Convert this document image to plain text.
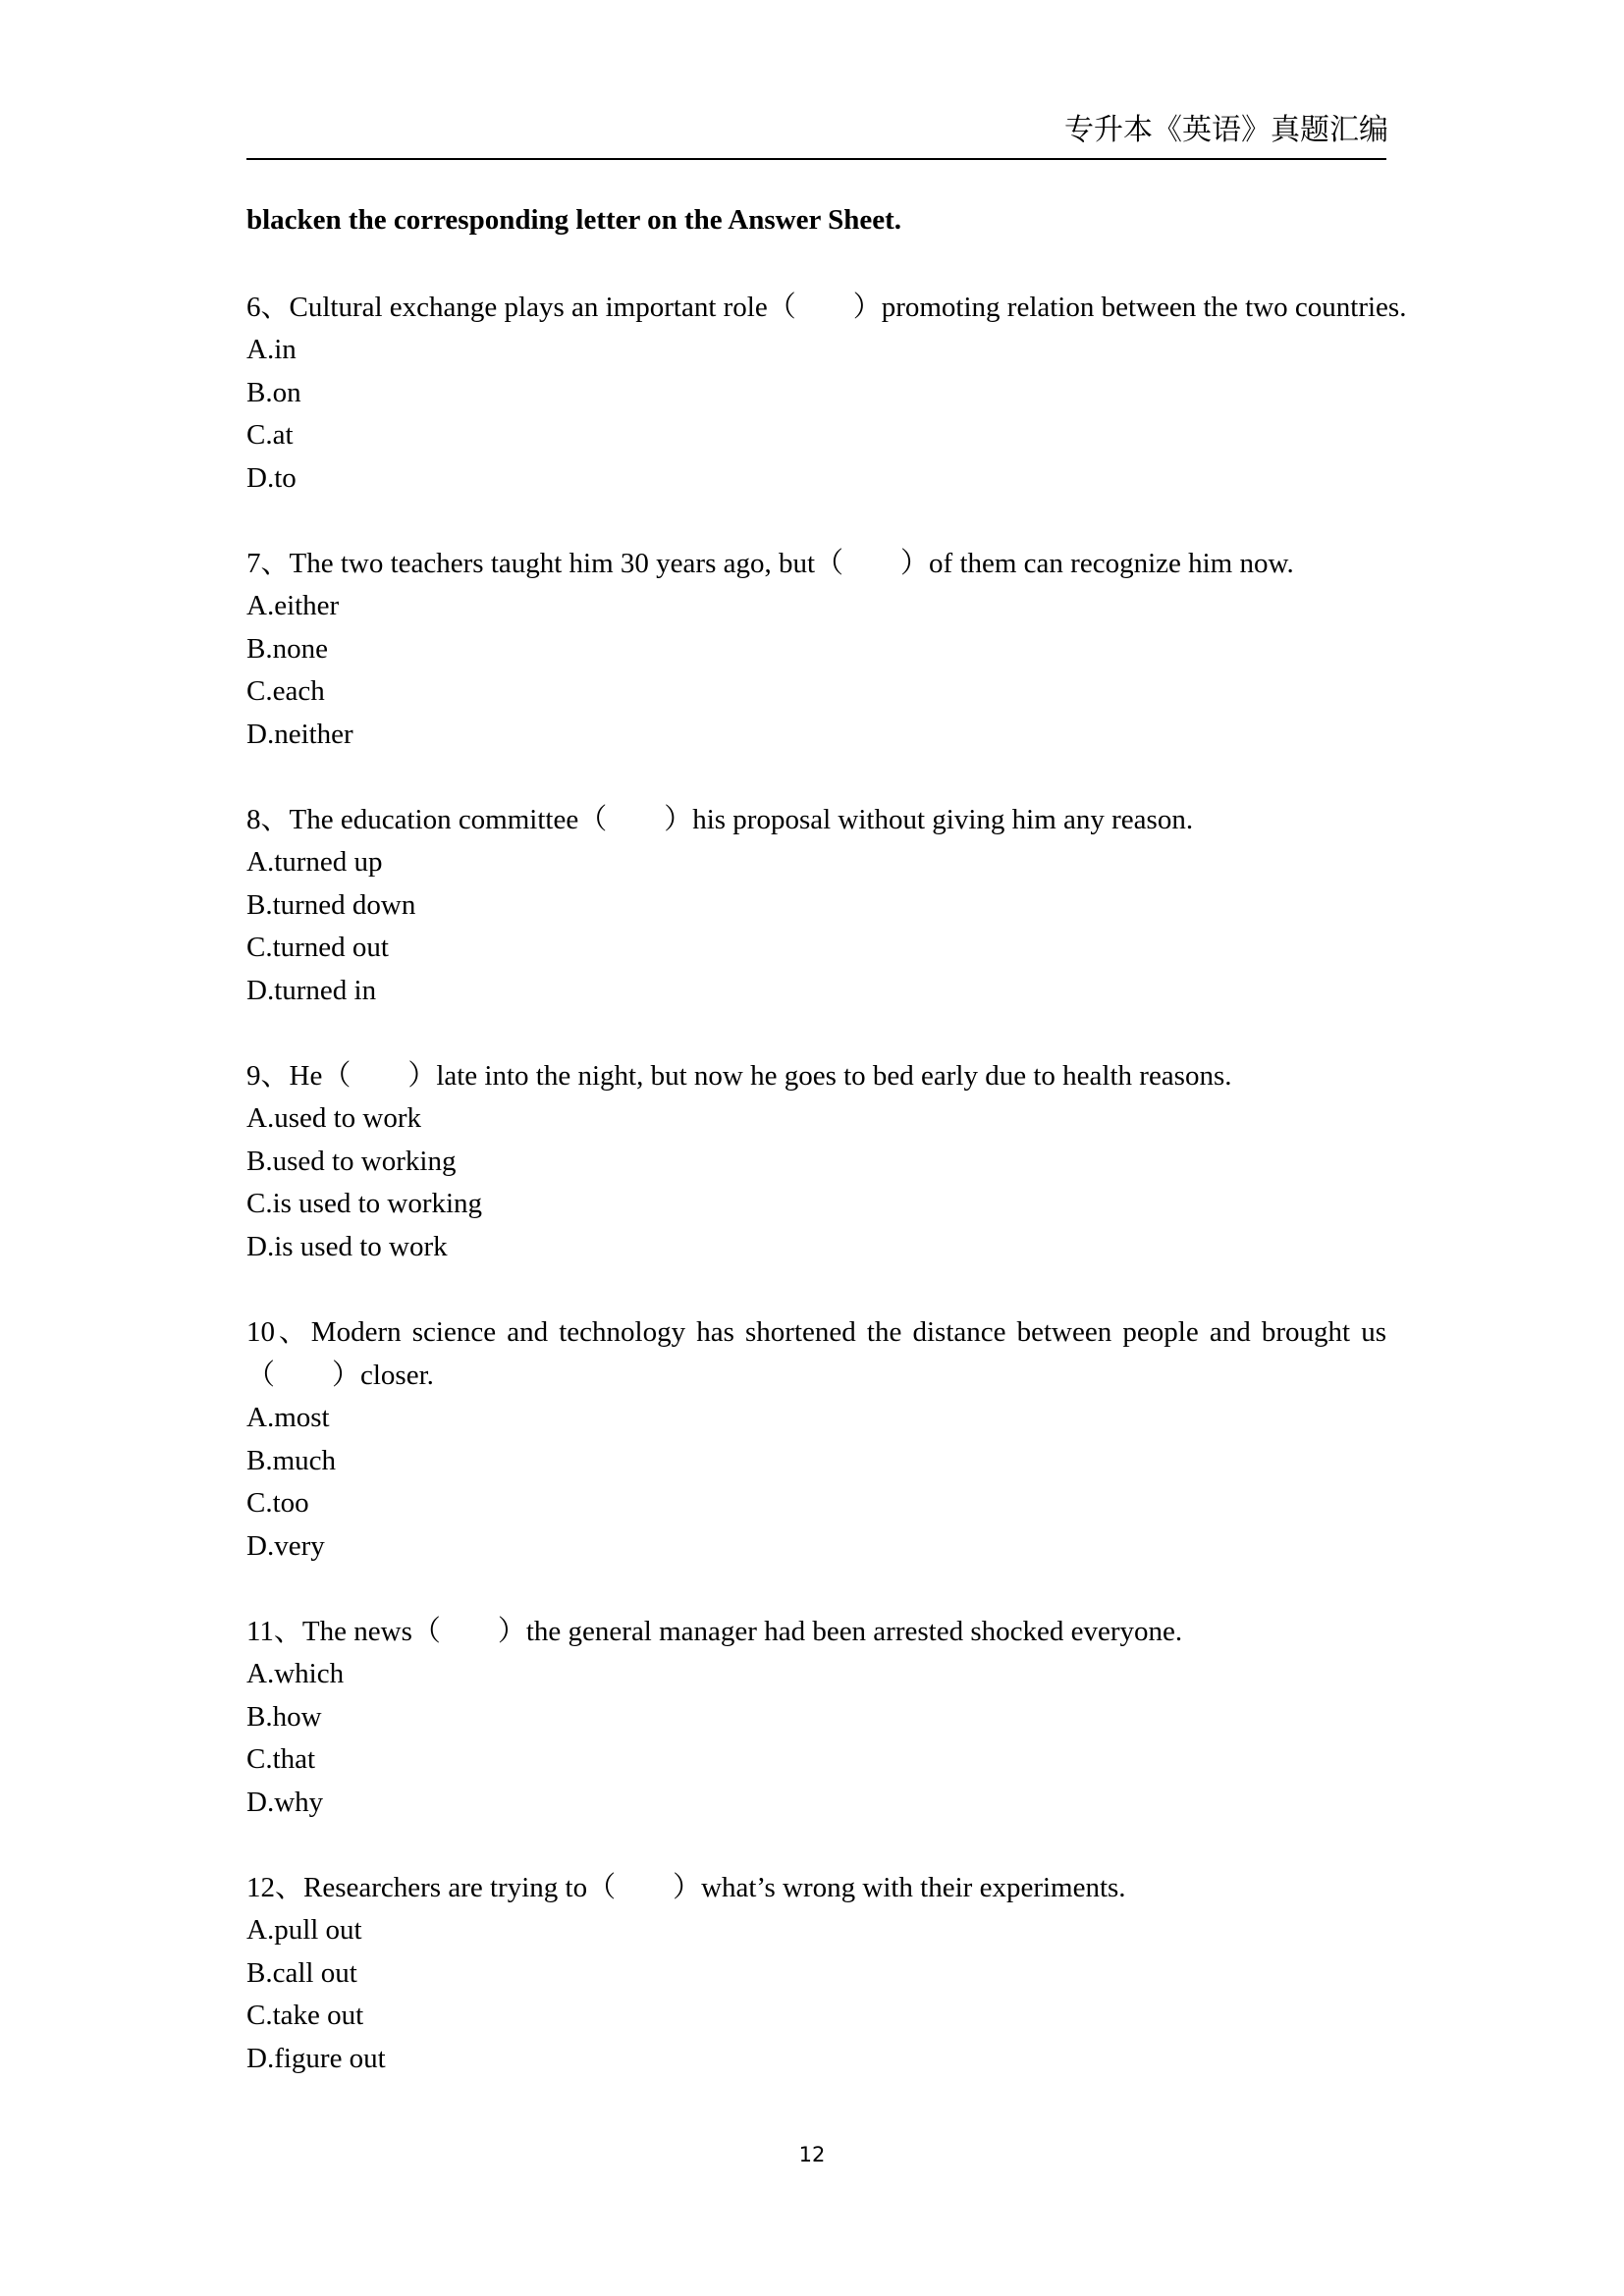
专升本《英语》真题汇编
blacken the corresponding letter on the Answer Sheet.
6、Cultural exchange plays an important role（　　）promoting relation between the two countries.
A.in
B.on
C.at
D.to
7、The two teachers taught him 30 years ago, but（　　）of them can recognize him now.
A.either
B.none
C.each
D.neither
8、The education committee（　　）his proposal without giving him any reason.
A.turned up
B.turned down
C.turned out
D.turned in
9、He（　　）late into the night, but now he goes to bed early due to health reasons.
A.used to work
B.used to working
C.is used to working
D.is used to work
10、Modern science and technology has shortened the distance between people and brought us（　　）closer.
A.most
B.much
C.too
D.very
11、The news（　　）the general manager had been arrested shocked everyone.
A.which
B.how
C.that
D.why
12、Researchers are trying to（　　）what’s wrong with their experiments.
A.pull out
B.call out
C.take out
D.figure out
12
